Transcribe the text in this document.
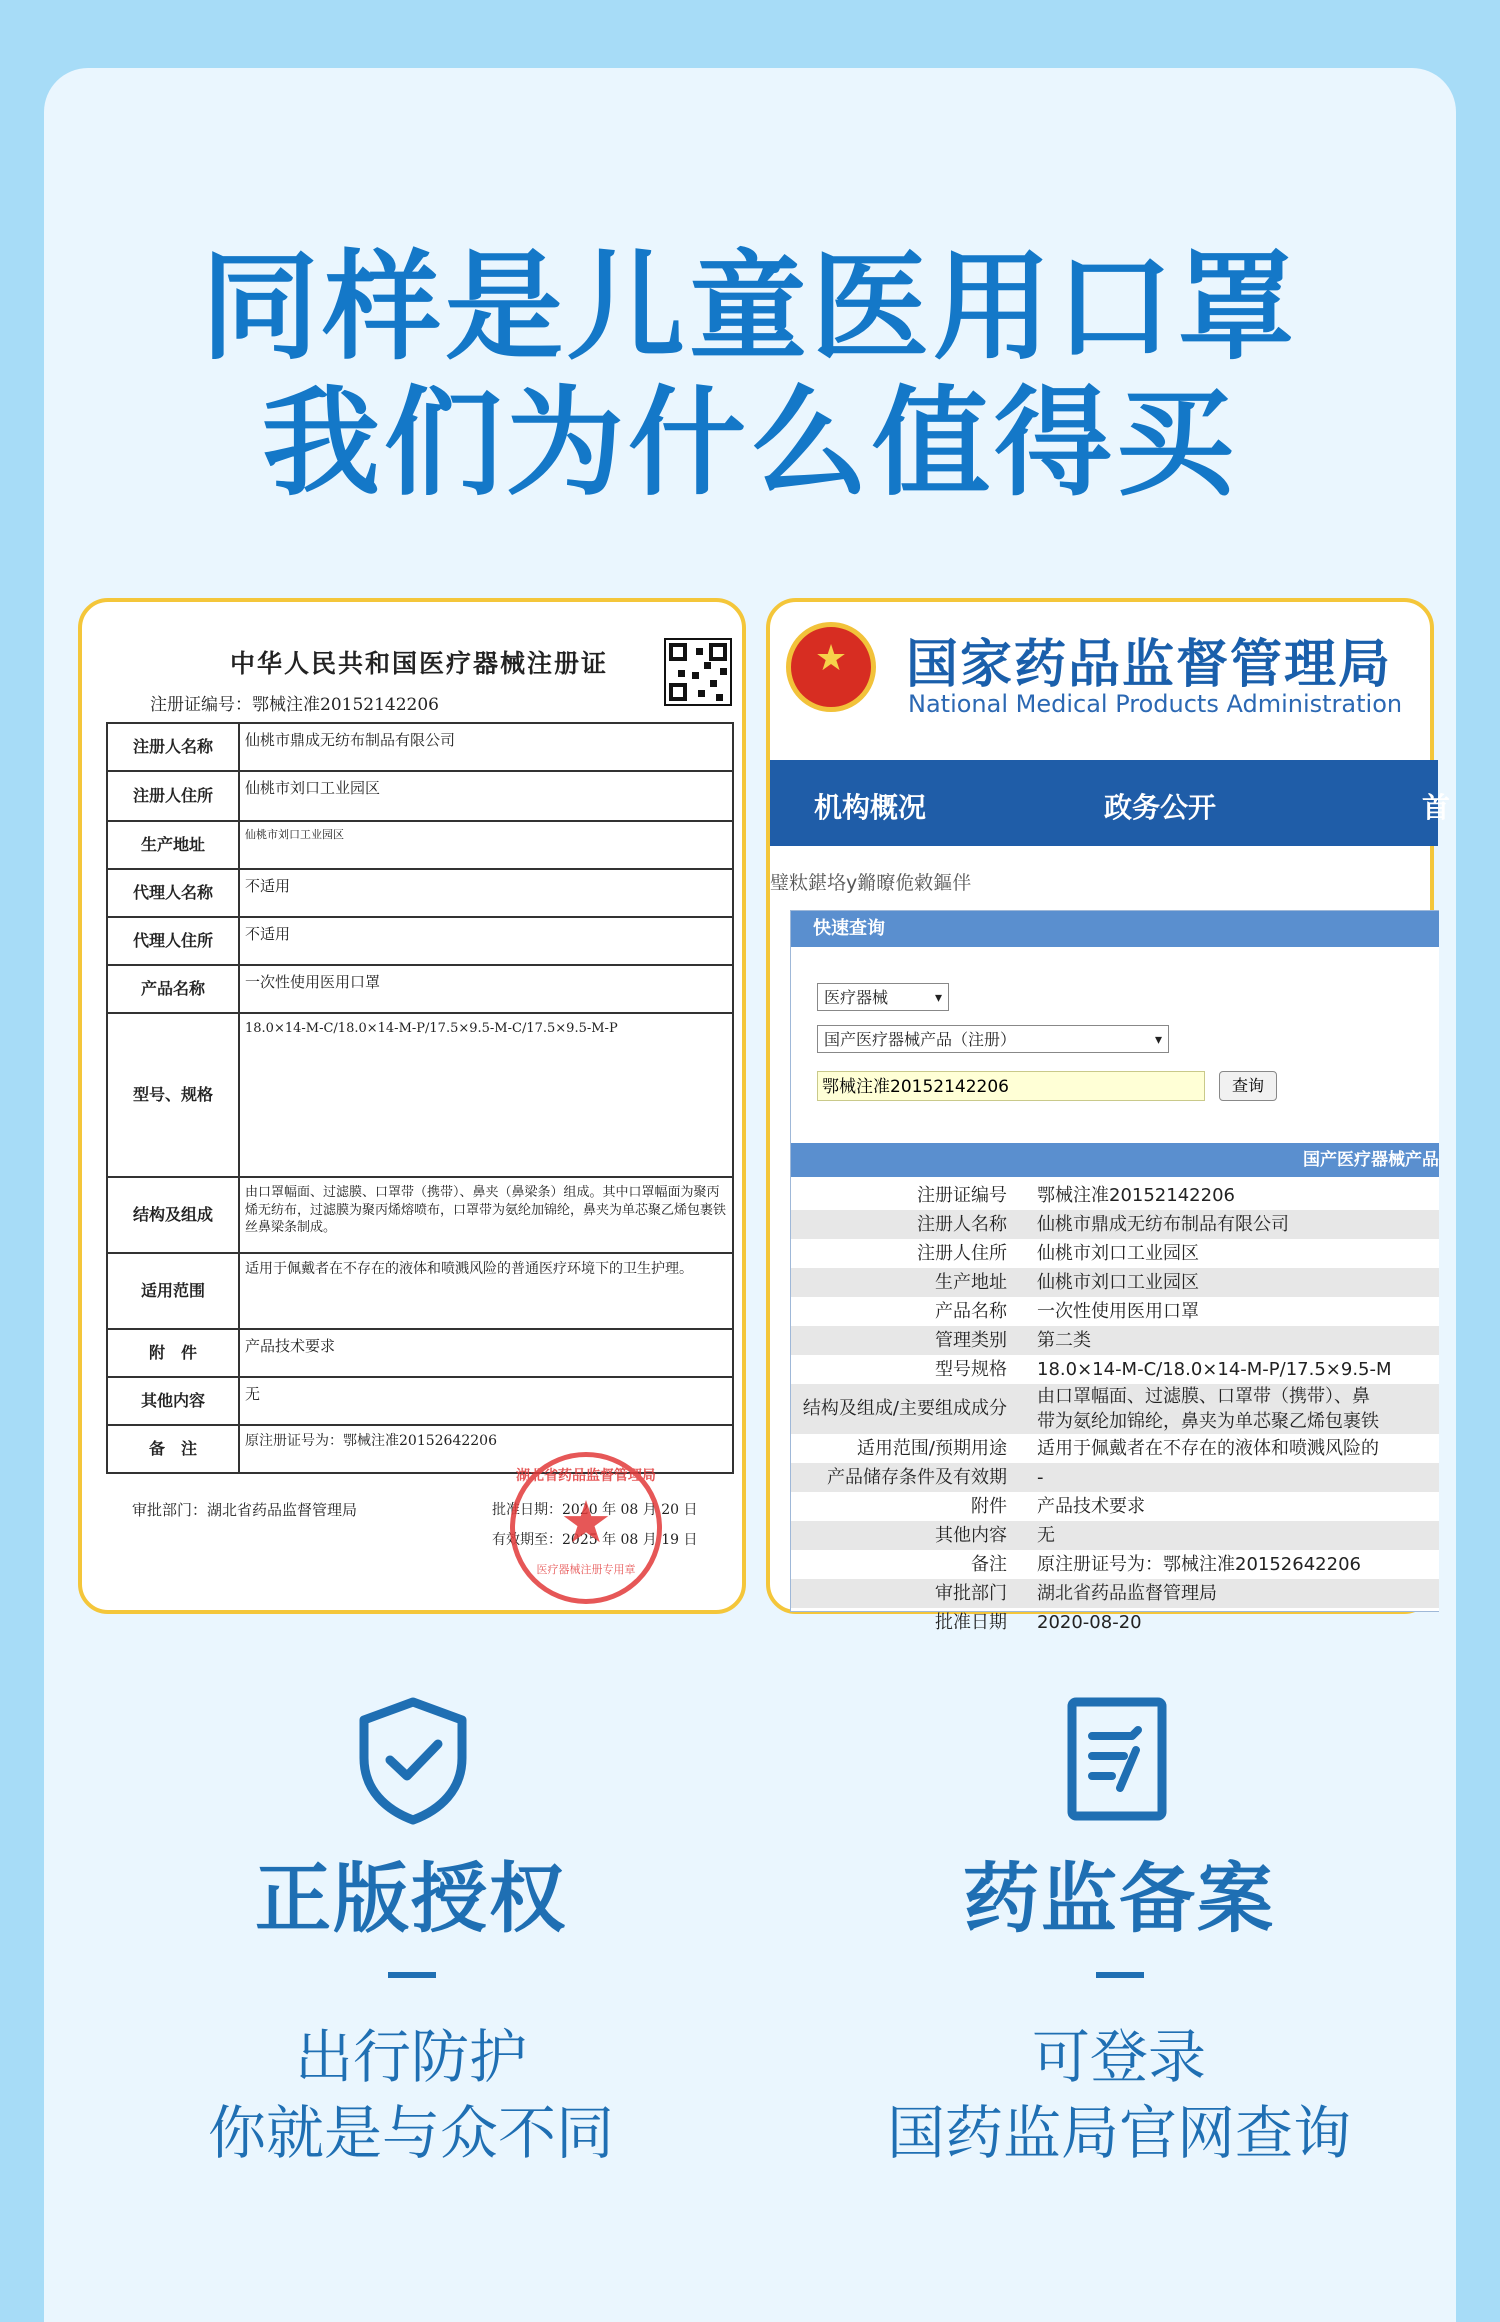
同样是儿童医用口罩
我们为什么值得买
中华人民共和国医疗器械注册证
注册证编号：鄂械注准20152142206
注册人名称	仙桃市鼎成无纺布制品有限公司
注册人住所	仙桃市刘口工业园区
生产地址	仙桃市刘口工业园区
代理人名称	不适用
代理人住所	不适用
产品名称	一次性使用医用口罩
型号、规格	18.0×14-M-C/18.0×14-M-P/17.5×9.5-M-C/17.5×9.5-M-P
结构及组成	由口罩幅面、过滤膜、口罩带（携带）、鼻夹（鼻梁条）组成。其中口罩幅面为聚丙烯无纺布，过滤膜为聚丙烯熔喷布，口罩带为氨纶加锦纶，鼻夹为单芯聚乙烯包裹铁丝鼻梁条制成。
适用范围	适用于佩戴者在不存在的液体和喷溅风险的普通医疗环境下的卫生护理。
附　件	产品技术要求
其他内容	无
备　注	原注册证号为：鄂械注准20152642206
审批部门：湖北省药品监督管理局	批准日期：2020 年 08 月 20 日
有效期至：2025 年 08 月 19 日
湖北省药品监督管理局
★
医疗器械注册专用章
★	国家药品监督管理局
National Medical Products Administration
机构概况	政务公开	首
璧粏鍖垎y鏅曢佹敹鏂伴
快速查询
医疗器械	▾
国产医疗器械产品（注册）	▾
鄂械注准20152142206	查询
国产医疗器械产品
注册证编号 鄂械注准20152142206
注册人名称 仙桃市鼎成无纺布制品有限公司
注册人住所 仙桃市刘口工业园区
生产地址 仙桃市刘口工业园区
产品名称 一次性使用医用口罩
管理类别 第二类
型号规格 18.0×14-M-C/18.0×14-M-P/17.5×9.5-M
结构及组成/主要组成成分
由口罩幅面、过滤膜、口罩带（携带）、鼻
带为氨纶加锦纶，鼻夹为单芯聚乙烯包裹铁
适用范围/预期用途 适用于佩戴者在不存在的液体和喷溅风险的
产品储存条件及有效期 -
附件 产品技术要求
其他内容 无
备注 原注册证号为：鄂械注准20152642206
审批部门 湖北省药品监督管理局
批准日期 2020-08-20
正版授权
出行防护
你就是与众不同
药监备案
可登录
国药监局官网查询
